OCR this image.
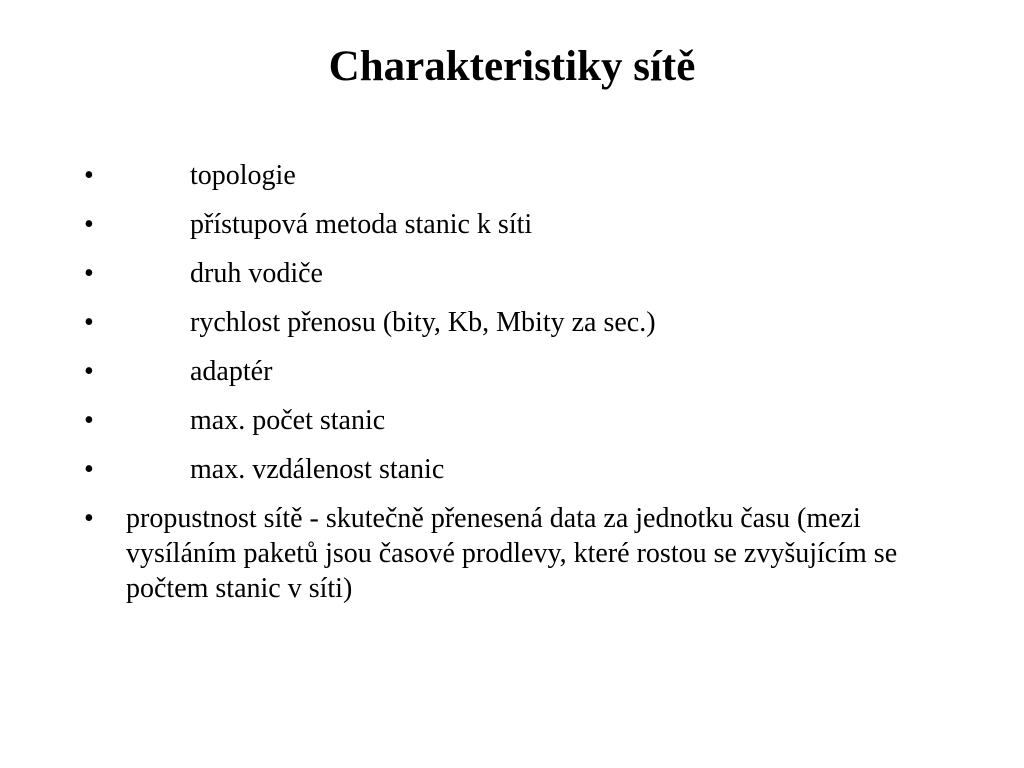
Charakteristiky sítě
•	topologie
•	přístupová metoda stanic k síti
•	druh vodiče
•	rychlost přenosu (bity, Kb, Mbity za sec.)
•	adaptér
•	max. počet stanic
•	max. vzdálenost stanic
•	propustnost sítě - skutečně přenesená data za jednotku času (mezi vysíláním paketů jsou časové prodlevy, které rostou se zvyšujícím se počtem stanic v síti)
